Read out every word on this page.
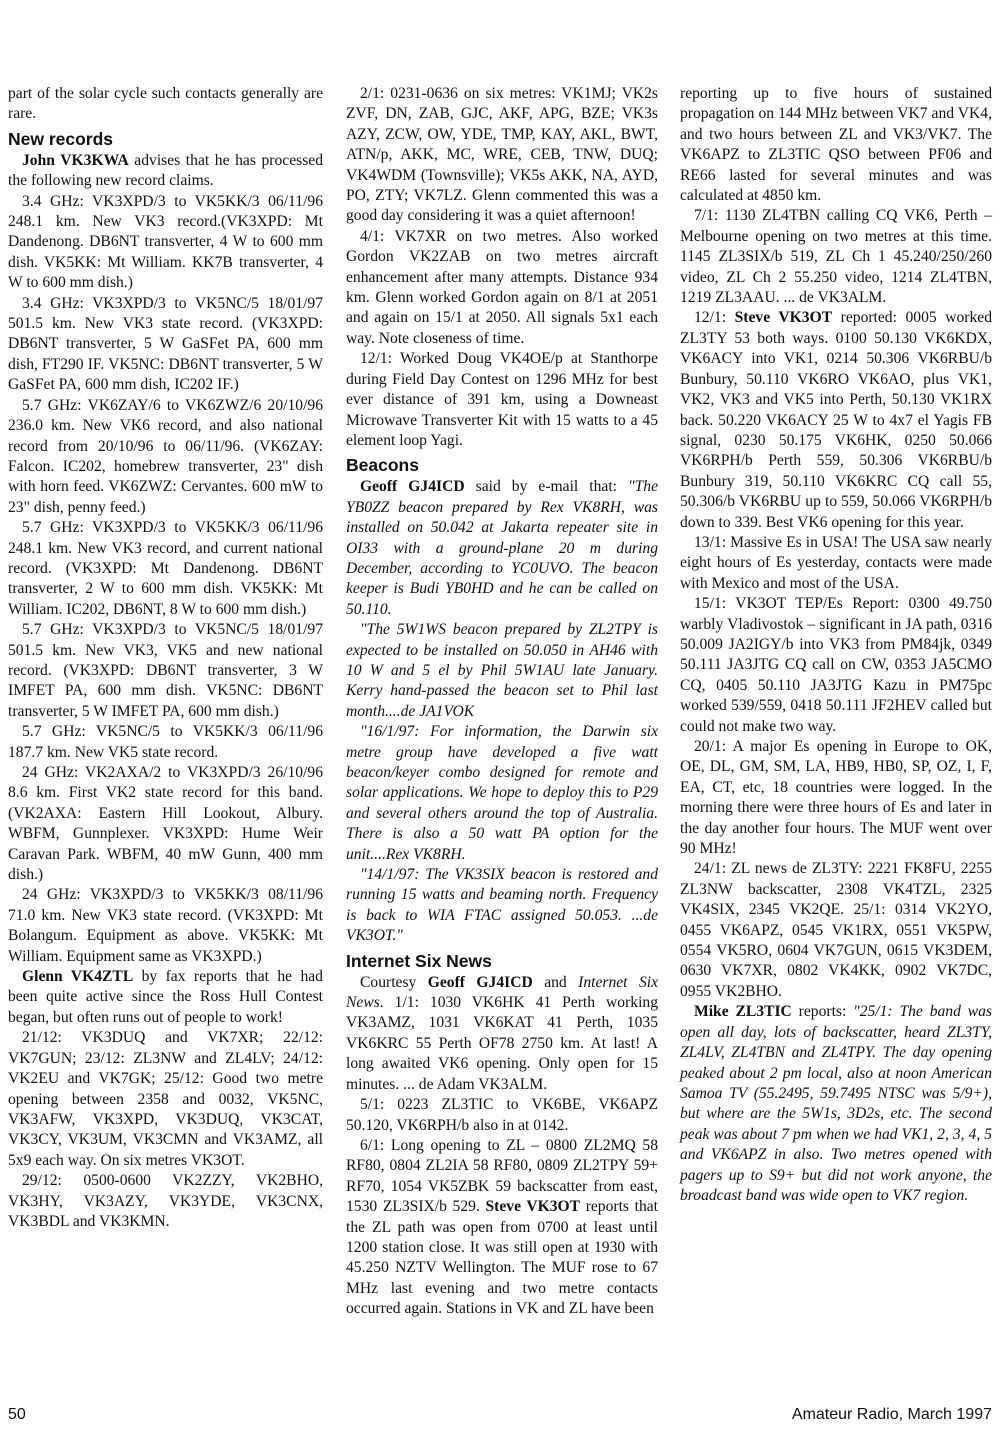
part of the solar cycle such contacts generally are rare.

New records

John VK3KWA advises that he has processed the following new record claims.

3.4 GHz: VK3XPD/3 to VK5KK/3 06/11/96 248.1 km. New VK3 record.(VK3XPD: Mt Dandenong. DB6NT transverter, 4 W to 600 mm dish. VK5KK: Mt William. KK7B transverter, 4 W to 600 mm dish.)

3.4 GHz: VK3XPD/3 to VK5NC/5 18/01/97 501.5 km. New VK3 state record. (VK3XPD: DB6NT transverter, 5 W GaSFet PA, 600 mm dish, FT290 IF. VK5NC: DB6NT transverter, 5 W GaSFet PA, 600 mm dish, IC202 IF.)

5.7 GHz: VK6ZAY/6 to VK6ZWZ/6 20/10/96 236.0 km. New VK6 record, and also national record from 20/10/96 to 06/11/96. (VK6ZAY: Falcon. IC202, homebrew transverter, 23" dish with horn feed. VK6ZWZ: Cervantes. 600 mW to 23" dish, penny feed.)

5.7 GHz: VK3XPD/3 to VK5KK/3 06/11/96 248.1 km. New VK3 record, and current national record. (VK3XPD: Mt Dandenong. DB6NT transverter, 2 W to 600 mm dish. VK5KK: Mt William. IC202, DB6NT, 8 W to 600 mm dish.)

5.7 GHz: VK3XPD/3 to VK5NC/5 18/01/97 501.5 km. New VK3, VK5 and new national record. (VK3XPD: DB6NT transverter, 3 W IMFET PA, 600 mm dish. VK5NC: DB6NT transverter, 5 W IMFET PA, 600 mm dish.)

5.7 GHz: VK5NC/5 to VK5KK/3 06/11/96 187.7 km. New VK5 state record.

24 GHz: VK2AXA/2 to VK3XPD/3 26/10/96 8.6 km. First VK2 state record for this band. (VK2AXA: Eastern Hill Lookout, Albury. WBFM, Gunnplexer. VK3XPD: Hume Weir Caravan Park. WBFM, 40 mW Gunn, 400 mm dish.)

24 GHz: VK3XPD/3 to VK5KK/3 08/11/96 71.0 km. New VK3 state record. (VK3XPD: Mt Bolangum. Equipment as above. VK5KK: Mt William. Equipment same as VK3XPD.)

Glenn VK4ZTL by fax reports that he had been quite active since the Ross Hull Contest began, but often runs out of people to work!

21/12: VK3DUQ and VK7XR; 22/12: VK7GUN; 23/12: ZL3NW and ZL4LV; 24/12: VK2EU and VK7GK; 25/12: Good two metre opening between 2358 and 0032, VK5NC, VK3AFW, VK3XPD, VK3DUQ, VK3CAT, VK3CY, VK3UM, VK3CMN and VK3AMZ, all 5x9 each way. On six metres VK3OT.

29/12: 0500-0600 VK2ZZY, VK2BHO, VK3HY, VK3AZY, VK3YDE, VK3CNX, VK3BDL and VK3KMN.

2/1: 0231-0636 on six metres: VK1MJ; VK2s ZVF, DN, ZAB, GJC, AKF, APG, BZE; VK3s AZY, ZCW, OW, YDE, TMP, KAY, AKL, BWT, ATN/p, AKK, MC, WRE, CEB, TNW, DUQ; VK4WDM (Townsville); VK5s AKK, NA, AYD, PO, ZTY; VK7LZ. Glenn commented this was a good day considering it was a quiet afternoon!

4/1: VK7XR on two metres. Also worked Gordon VK2ZAB on two metres aircraft enhancement after many attempts. Distance 934 km. Glenn worked Gordon again on 8/1 at 2051 and again on 15/1 at 2050. All signals 5x1 each way. Note closeness of time.

12/1: Worked Doug VK4OE/p at Stanthorpe during Field Day Contest on 1296 MHz for best ever distance of 391 km, using a Downeast Microwave Transverter Kit with 15 watts to a 45 element loop Yagi.

Beacons

Geoff GJ4ICD said by e-mail that: "The YB0ZZ beacon prepared by Rex VK8RH, was installed on 50.042 at Jakarta repeater site in OI33 with a ground-plane 20 m during December, according to YC0UVO. The beacon keeper is Budi YB0HD and he can be called on 50.110.

"The 5W1WS beacon prepared by ZL2TPY is expected to be installed on 50.050 in AH46 with 10 W and 5 el by Phil 5W1AU late January. Kerry hand-passed the beacon set to Phil last month....de JA1VOK

"16/1/97: For information, the Darwin six metre group have developed a five watt beacon/keyer combo designed for remote and solar applications. We hope to deploy this to P29 and several others around the top of Australia. There is also a 50 watt PA option for the unit....Rex VK8RH.

"14/1/97: The VK3SIX beacon is restored and running 15 watts and beaming north. Frequency is back to WIA FTAC assigned 50.053. ...de VK3OT."

Internet Six News

Courtesy Geoff GJ4ICD and Internet Six News. 1/1: 1030 VK6HK 41 Perth working VK3AMZ, 1031 VK6KAT 41 Perth, 1035 VK6KRC 55 Perth OF78 2750 km. At last! A long awaited VK6 opening. Only open for 15 minutes. ... de Adam VK3ALM.

5/1: 0223 ZL3TIC to VK6BE, VK6APZ 50.120, VK6RPH/b also in at 0142.

6/1: Long opening to ZL – 0800 ZL2MQ 58 RF80, 0804 ZL2IA 58 RF80, 0809 ZL2TPY 59+ RF70, 1054 VK5ZBK 59 backscatter from east, 1530 ZL3SIX/b 529. Steve VK3OT reports that the ZL path was open from 0700 at least until 1200 station close. It was still open at 1930 with 45.250 NZTV Wellington. The MUF rose to 67 MHz last evening and two metre contacts occurred again. Stations in VK and ZL have been

reporting up to five hours of sustained propagation on 144 MHz between VK7 and VK4, and two hours between ZL and VK3/VK7. The VK6APZ to ZL3TIC QSO between PF06 and RE66 lasted for several minutes and was calculated at 4850 km.

7/1: 1130 ZL4TBN calling CQ VK6, Perth – Melbourne opening on two metres at this time. 1145 ZL3SIX/b 519, ZL Ch 1 45.240/250/260 video, ZL Ch 2 55.250 video, 1214 ZL4TBN, 1219 ZL3AAU. ... de VK3ALM.

12/1: Steve VK3OT reported: 0005 worked ZL3TY 53 both ways. 0100 50.130 VK6KDX, VK6ACY into VK1, 0214 50.306 VK6RBU/b Bunbury, 50.110 VK6RO VK6AO, plus VK1, VK2, VK3 and VK5 into Perth, 50.130 VK1RX back. 50.220 VK6ACY 25 W to 4x7 el Yagis FB signal, 0230 50.175 VK6HK, 0250 50.066 VK6RPH/b Perth 559, 50.306 VK6RBU/b Bunbury 319, 50.110 VK6KRC CQ call 55, 50.306/b VK6RBU up to 559, 50.066 VK6RPH/b down to 339. Best VK6 opening for this year.

13/1: Massive Es in USA! The USA saw nearly eight hours of Es yesterday, contacts were made with Mexico and most of the USA.

15/1: VK3OT TEP/Es Report: 0300 49.750 warbly Vladivostok – significant in JA path, 0316 50.009 JA2IGY/b into VK3 from PM84jk, 0349 50.111 JA3JTG CQ call on CW, 0353 JA5CMO CQ, 0405 50.110 JA3JTG Kazu in PM75pc worked 539/559, 0418 50.111 JF2HEV called but could not make two way.

20/1: A major Es opening in Europe to OK, OE, DL, GM, SM, LA, HB9, HB0, SP, OZ, I, F, EA, CT, etc, 18 countries were logged. In the morning there were three hours of Es and later in the day another four hours. The MUF went over 90 MHz!

24/1: ZL news de ZL3TY: 2221 FK8FU, 2255 ZL3NW backscatter, 2308 VK4TZL, 2325 VK4SIX, 2345 VK2QE. 25/1: 0314 VK2YO, 0455 VK6APZ, 0545 VK1RX, 0551 VK5PW, 0554 VK5RO, 0604 VK7GUN, 0615 VK3DEM, 0630 VK7XR, 0802 VK4KK, 0902 VK7DC, 0955 VK2BHO.

Mike ZL3TIC reports: "25/1: The band was open all day, lots of backscatter, heard ZL3TY, ZL4LV, ZL4TBN and ZL4TPY. The day opening peaked about 2 pm local, also at noon American Samoa TV (55.2495, 59.7495 NTSC was 5/9+), but where are the 5W1s, 3D2s, etc. The second peak was about 7 pm when we had VK1, 2, 3, 4, 5 and VK6APZ in also. Two metres opened with pagers up to S9+ but did not work anyone, the broadcast band was wide open to VK7 region.

50	Amateur Radio, March 1997
